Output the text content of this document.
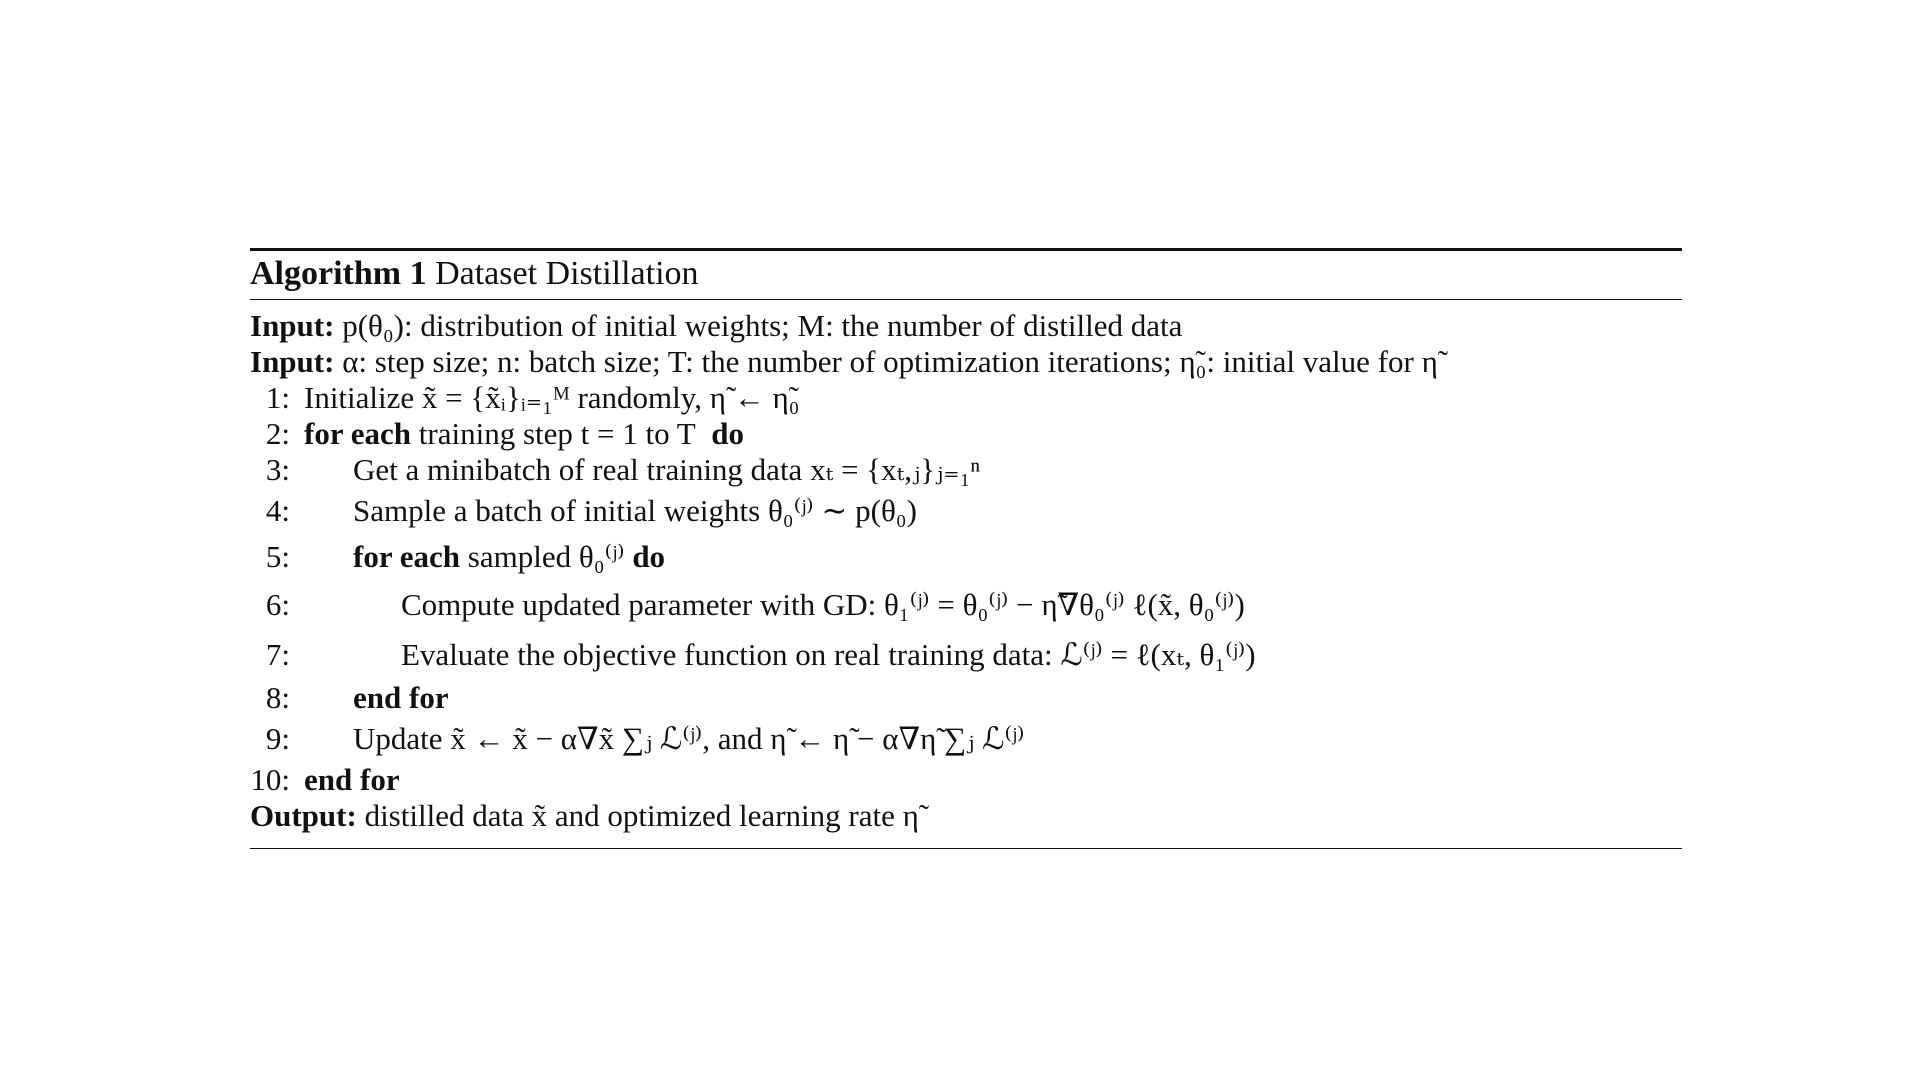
Algorithm 1 Dataset Distillation
Input: p(θ₀): distribution of initial weights; M: the number of distilled data
Input: α: step size; n: batch size; T: the number of optimization iterations; η̃₀: initial value for η̃
1: Initialize x̃ = {x̃ᵢ}ᵢ₌₁ᴹ randomly, η̃ ← η̃₀
2: for each training step t = 1 to T do
3: Get a minibatch of real training data xₜ = {xₜ,ⱼ}ⱼ₌₁ⁿ
4: Sample a batch of initial weights θ₀⁽ʲ⁾ ∼ p(θ₀)
5: for each sampled θ₀⁽ʲ⁾ do
6:	Compute updated parameter with GD: θ₁⁽ʲ⁾ = θ₀⁽ʲ⁾ − η̃∇θ₀⁽ʲ⁾ ℓ(x̃, θ₀⁽ʲ⁾)
7:	Evaluate the objective function on real training data: ℒ⁽ʲ⁾ = ℓ(xₜ, θ₁⁽ʲ⁾)
8: end for
9: Update x̃ ← x̃ − α∇x̃ ∑ⱼ ℒ⁽ʲ⁾, and η̃ ← η̃ − α∇η̃ ∑ⱼ ℒ⁽ʲ⁾
10: end for
Output: distilled data x̃ and optimized learning rate η̃
